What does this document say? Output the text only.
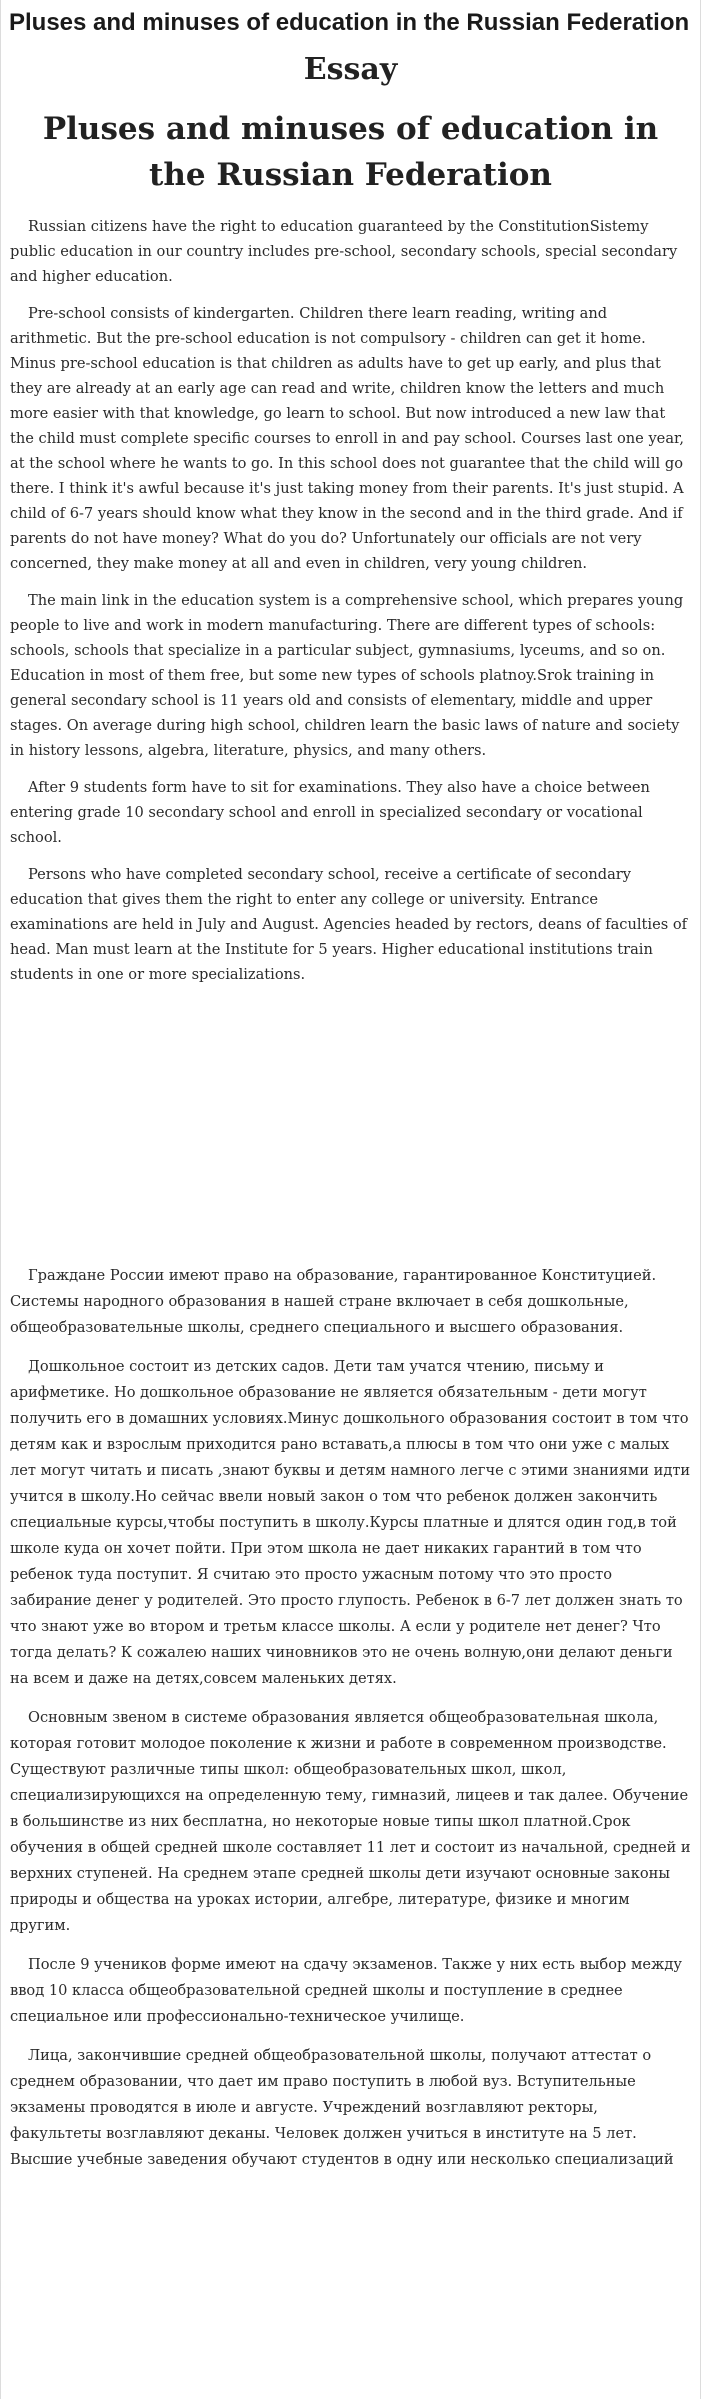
Pluses and minuses of education in the Russian Federation
Essay
Pluses and minuses of education in the Russian Federation

Russian citizens have the right to education guaranteed by the ConstitutionSistemy public education in our country includes pre-school, secondary schools, special secondary and higher education.

Pre-school consists of kindergarten. Children there learn reading, writing and arithmetic. But the pre-school education is not compulsory - children can get it home. Minus pre-school education is that children as adults have to get up early, and plus that they are already at an early age can read and write, children know the letters and much more easier with that knowledge, go learn to school. But now introduced a new law that the child must complete specific courses to enroll in and pay school. Courses last one year, at the school where he wants to go. In this school does not guarantee that the child will go there. I think it's awful because it's just taking money from their parents. It's just stupid. A child of 6-7 years should know what they know in the second and in the third grade. And if parents do not have money? What do you do? Unfortunately our officials are not very concerned, they make money at all and even in children, very young children.

The main link in the education system is a comprehensive school, which prepares young people to live and work in modern manufacturing. There are different types of schools: schools, schools that specialize in a particular subject, gymnasiums, lyceums, and so on. Education in most of them free, but some new types of schools platnoy.Srok training in general secondary school is 11 years old and consists of elementary, middle and upper stages. On average during high school, children learn the basic laws of nature and society in history lessons, algebra, literature, physics, and many others.

After 9 students form have to sit for examinations. They also have a choice between entering grade 10 secondary school and enroll in specialized secondary or vocational school.

Persons who have completed secondary school, receive a certificate of secondary education that gives them the right to enter any college or university. Entrance examinations are held in July and August. Agencies headed by rectors, deans of faculties of head. Man must learn at the Institute for 5 years. Higher educational institutions train students in one or more specializations.

Граждане России имеют право на образование, гарантированное Конституцией. Системы народного образования в нашей стране включает в себя дошкольные, общеобразовательные школы, среднего специального и высшего образования.

Дошкольное состоит из детских садов. Дети там учатся чтению, письму и арифметике. Но дошкольное образование не является обязательным - дети могут получить его в домашних условиях.Минус дошкольного образования состоит в том что детям как и взрослым приходится рано вставать,а плюсы в том что они уже с малых лет могут читать и писать ,знают буквы и детям намного легче с этими знаниями идти учится в школу.Но сейчас ввели новый закон о том что ребенок должен закончить специальные курсы,чтобы поступить в школу.Курсы платные и длятся один год,в той школе куда он хочет пойти. При этом школа не дает никаких гарантий в том что ребенок туда поступит. Я считаю это просто ужасным потому что это просто забирание денег у родителей. Это просто глупость. Ребенок в 6-7 лет должен знать то что знают уже во втором и третьм классе школы. А если у родителе нет денег? Что тогда делать? К сожалею наших чиновников это не очень волную,они делают деньги на всем и даже на детях,совсем маленьких детях.

Основным звеном в системе образования является общеобразовательная школа, которая готовит молодое поколение к жизни и работе в современном производстве. Существуют различные типы школ: общеобразовательных школ, школ, специализирующихся на определенную тему, гимназий, лицеев и так далее. Обучение в большинстве из них бесплатна, но некоторые новые типы школ платной.Срок обучения в общей средней школе составляет 11 лет и состоит из начальной, средней и верхних ступеней. На среднем этапе средней школы дети изучают основные законы природы и общества на уроках истории, алгебре, литературе, физике и многим другим.

После 9 учеников форме имеют на сдачу экзаменов. Также у них есть выбор между ввод 10 класса общеобразовательной средней школы и поступление в среднее специальное или профессионально-техническое училище.

Лица, закончившие средней общеобразовательной школы, получают аттестат о среднем образовании, что дает им право поступить в любой вуз. Вступительные экзамены проводятся в июле и августе. Учреждений возглавляют ректоры, факультеты возглавляют деканы. Человек должен учиться в институте на 5 лет. Высшие учебные заведения обучают студентов в одну или несколько специализаций
